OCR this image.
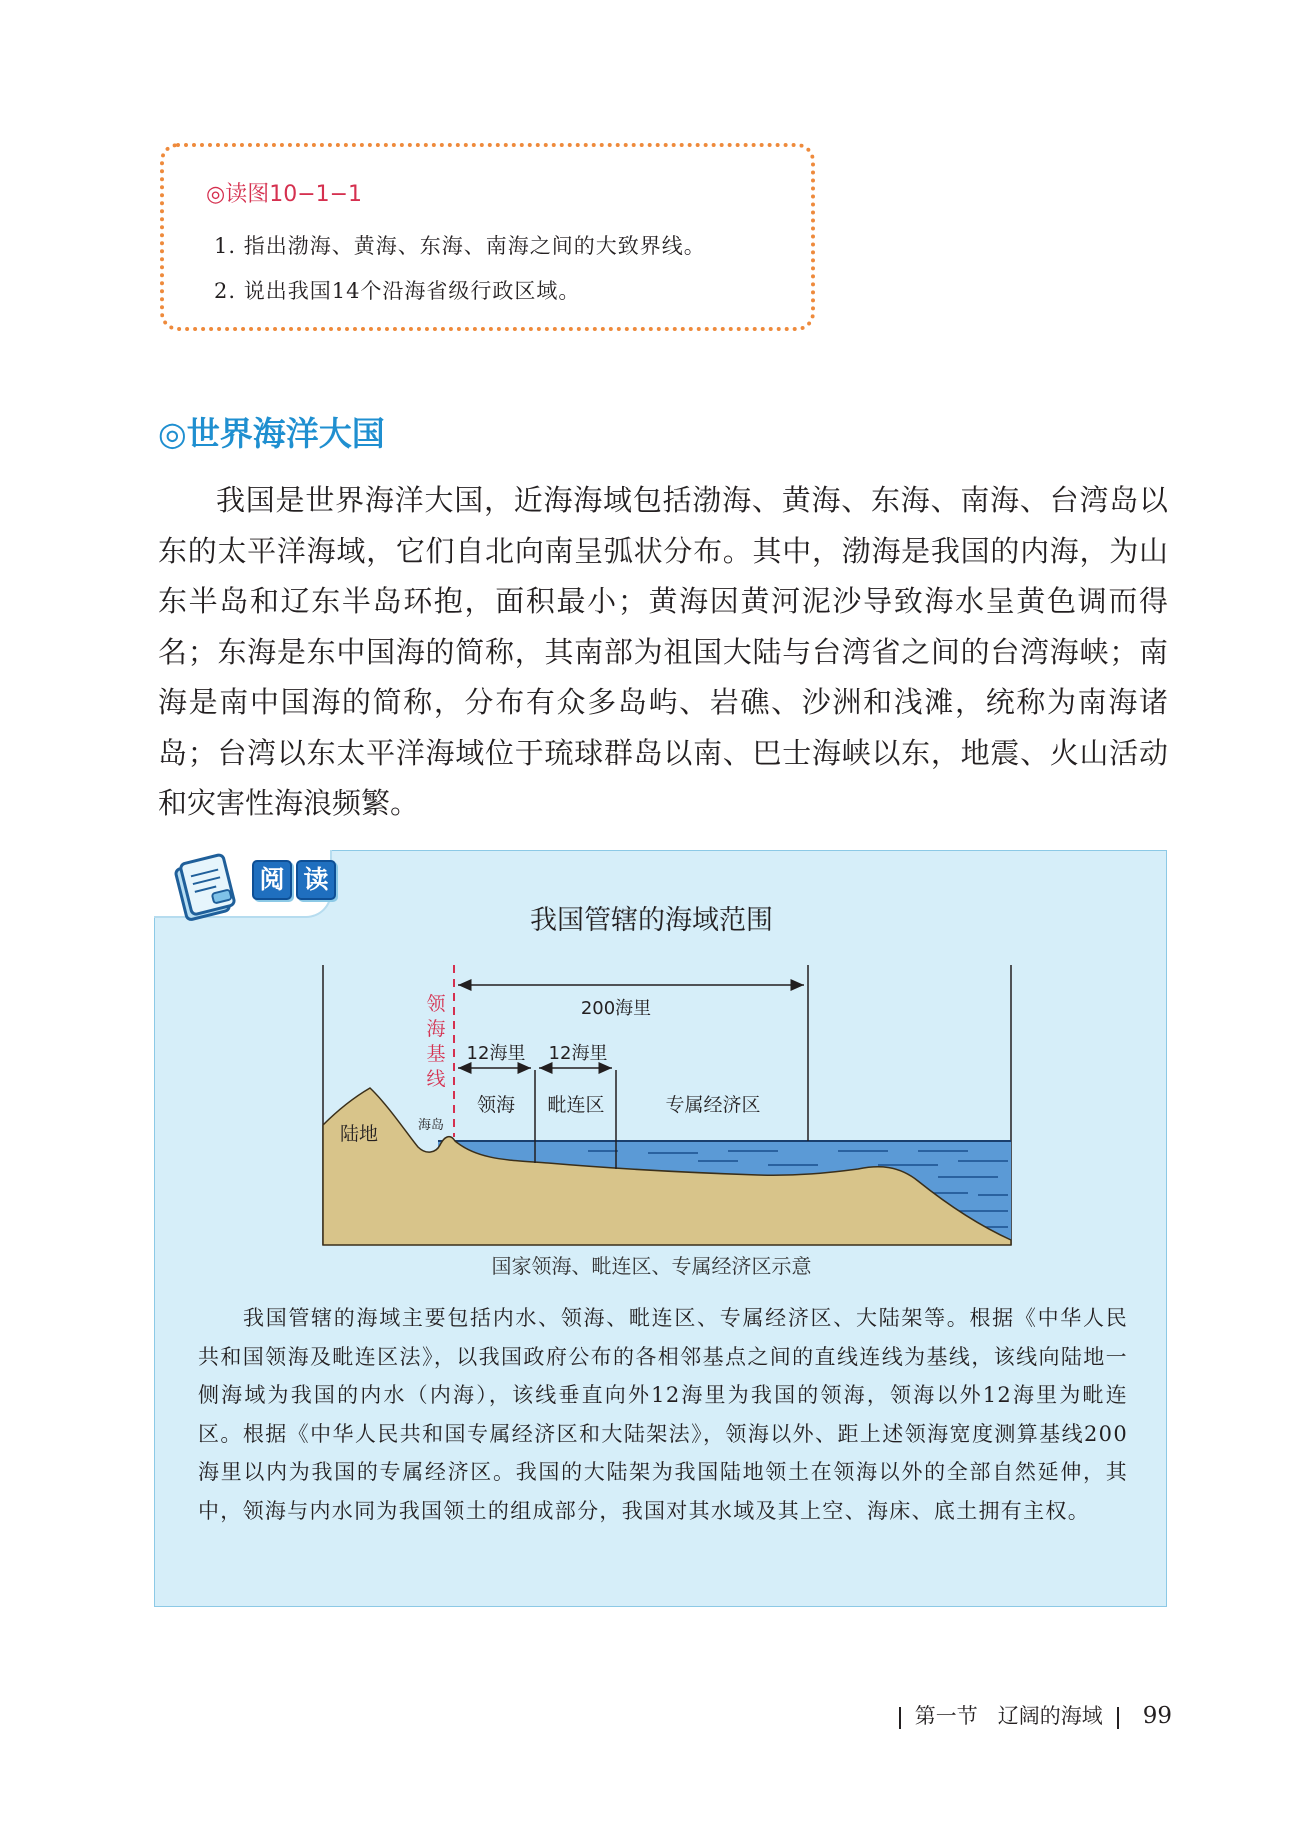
◎读图10−1−1
1. 指出渤海、黄海、东海、南海之间的大致界线。
2. 说出我国14个沿海省级行政区域。
◎世界海洋大国

我国是世界海洋大国，近海海域包括渤海、黄海、东海、南海、台湾岛以东的太平洋海域，它们自北向南呈弧状分布。其中，渤海是我国的内海，为山东半岛和辽东半岛环抱，面积最小；黄海因黄河泥沙导致海水呈黄色调而得名；东海是东中国海的简称，其南部为祖国大陆与台湾省之间的台湾海峡；南海是南中国海的简称，分布有众多岛屿、岩礁、沙洲和浅滩，统称为南海诸岛；台湾以东太平洋海域位于琉球群岛以南、巴士海峡以东，地震、火山活动和灾害性海浪频繁。

阅 读
我国管辖的海域范围
200海里
12海里 12海里
领海 毗连区	专属经济区
陆地	海岛
领
海
基
线
国家领海、毗连区、专属经济区示意

我国管辖的海域主要包括内水、领海、毗连区、专属经济区、大陆架等。根据《中华人民共和国领海及毗连区法》，以我国政府公布的各相邻基点之间的直线连线为基线，该线向陆地一侧海域为我国的内水（内海），该线垂直向外12海里为我国的领海，领海以外12海里为毗连区。根据《中华人民共和国专属经济区和大陆架法》，领海以外、距上述领海宽度测算基线200海里以内为我国的专属经济区。我国的大陆架为我国陆地领土在领海以外的全部自然延伸，其中，领海与内水同为我国领土的组成部分，我国对其水域及其上空、海床、底土拥有主权。

第一节 辽阔的海域 99
